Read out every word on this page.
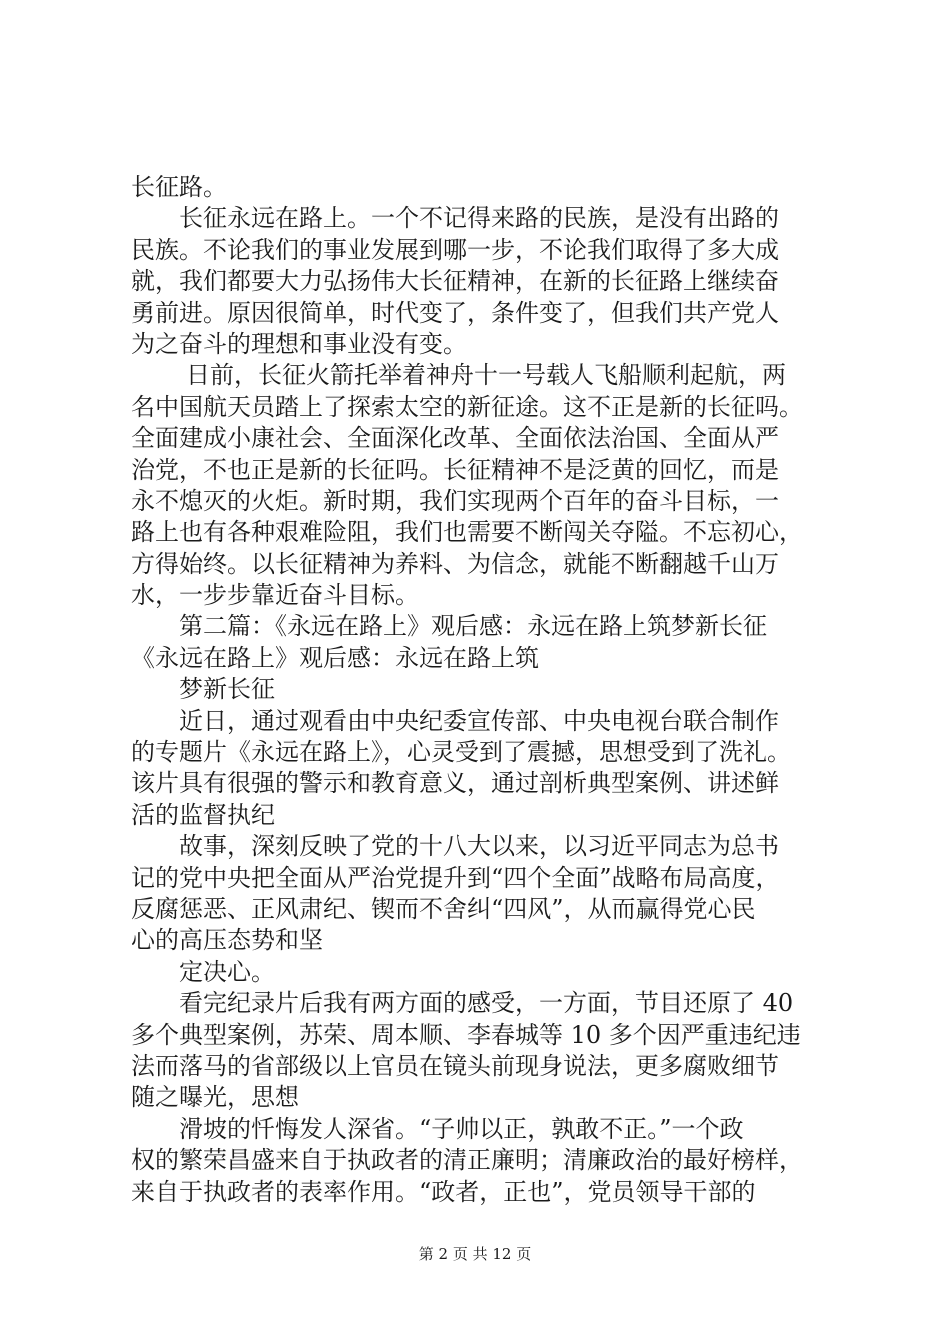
长征路。
长征永远在路上。一个不记得来路的民族，是没有出路的
民族。不论我们的事业发展到哪一步，不论我们取得了多大成
就，我们都要大力弘扬伟大长征精神，在新的长征路上继续奋
勇前进。原因很简单，时代变了，条件变了，但我们共产党人
为之奋斗的理想和事业没有变。
日前，长征火箭托举着神舟十一号载人飞船顺利起航，两
名中国航天员踏上了探索太空的新征途。这不正是新的长征吗。
全面建成小康社会、全面深化改革、全面依法治国、全面从严
治党，不也正是新的长征吗。长征精神不是泛黄的回忆，而是
永不熄灭的火炬。新时期，我们实现两个百年的奋斗目标，一
路上也有各种艰难险阻，我们也需要不断闯关夺隘。不忘初心，
方得始终。以长征精神为养料、为信念，就能不断翻越千山万
水，一步步靠近奋斗目标。
第二篇：《永远在路上》观后感：永远在路上筑梦新长征
《永远在路上》观后感：永远在路上筑
梦新长征
近日，通过观看由中央纪委宣传部、中央电视台联合制作
的专题片《永远在路上》，心灵受到了震撼，思想受到了洗礼。
该片具有很强的警示和教育意义，通过剖析典型案例、讲述鲜
活的监督执纪
故事，深刻反映了党的十八大以来，以习近平同志为总书
记的党中央把全面从严治党提升到“四个全面”战略布局高度，
反腐惩恶、正风肃纪、锲而不舍纠“四风”，从而赢得党心民
心的高压态势和坚
定决心。
看完纪录片后我有两方面的感受，一方面，节目还原了 40
多个典型案例，苏荣、周本顺、李春城等 10 多个因严重违纪违
法而落马的省部级以上官员在镜头前现身说法，更多腐败细节
随之曝光，思想
滑坡的忏悔发人深省。“子帅以正，孰敢不正。”一个政
权的繁荣昌盛来自于执政者的清正廉明；清廉政治的最好榜样，
来自于执政者的表率作用。“政者，正也”，党员领导干部的
第 2 页 共 12 页
